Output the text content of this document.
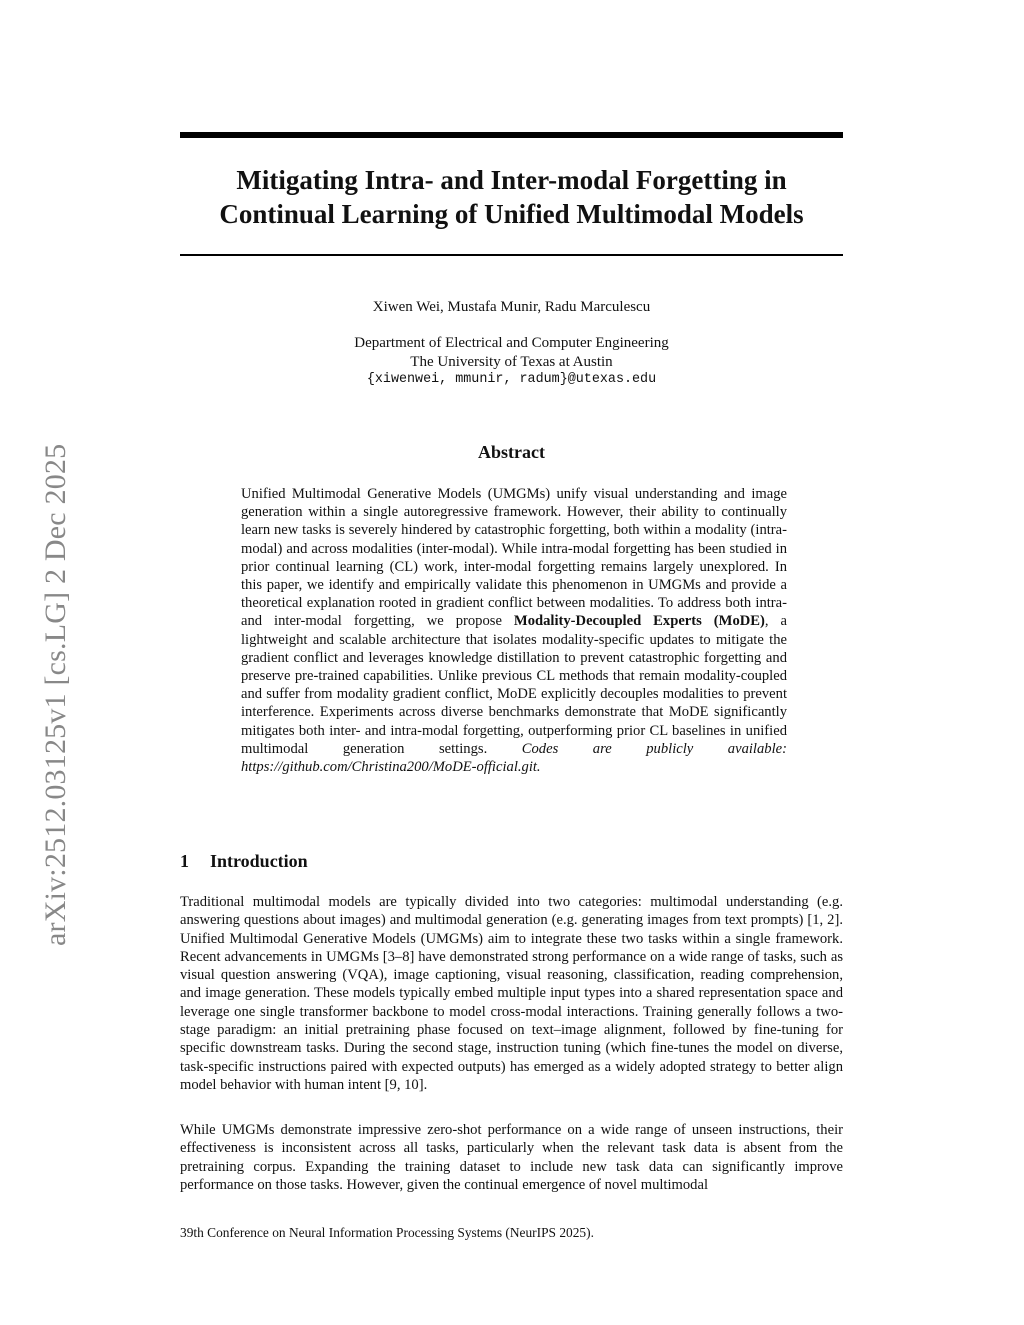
arXiv:2512.03125v1 [cs.LG] 2 Dec 2025
Mitigating Intra- and Inter-modal Forgetting in
Continual Learning of Unified Multimodal Models
Xiwen Wei, Mustafa Munir, Radu Marculescu
Department of Electrical and Computer Engineering
The University of Texas at Austin
{xiwenwei, mmunir, radum}@utexas.edu
Abstract
Unified Multimodal Generative Models (UMGMs) unify visual understanding and image generation within a single autoregressive framework. However, their ability to continually learn new tasks is severely hindered by catastrophic forgetting, both within a modality (intra-modal) and across modalities (inter-modal). While intra-modal forgetting has been studied in prior continual learning (CL) work, inter-modal forgetting remains largely unexplored. In this paper, we identify and empirically validate this phenomenon in UMGMs and provide a theoretical explanation rooted in gradient conflict between modalities. To address both intra- and inter-modal forgetting, we propose Modality-Decoupled Experts (MoDE), a lightweight and scalable architecture that isolates modality-specific updates to mitigate the gradient conflict and leverages knowledge distillation to prevent catastrophic forgetting and preserve pre-trained capabilities. Unlike previous CL methods that remain modality-coupled and suffer from modality gradient conflict, MoDE explicitly decouples modalities to prevent interference. Experiments across diverse benchmarks demonstrate that MoDE significantly mitigates both inter- and intra-modal forgetting, outperforming prior CL baselines in unified multimodal generation settings. Codes are publicly available: https://github.com/Christina200/MoDE-official.git.
1 Introduction
Traditional multimodal models are typically divided into two categories: multimodal understanding (e.g. answering questions about images) and multimodal generation (e.g. generating images from text prompts) [1, 2]. Unified Multimodal Generative Models (UMGMs) aim to integrate these two tasks within a single framework. Recent advancements in UMGMs [3–8] have demonstrated strong performance on a wide range of tasks, such as visual question answering (VQA), image captioning, visual reasoning, classification, reading comprehension, and image generation. These models typically embed multiple input types into a shared representation space and leverage one single transformer backbone to model cross-modal interactions. Training generally follows a two-stage paradigm: an initial pretraining phase focused on text–image alignment, followed by fine-tuning for specific downstream tasks. During the second stage, instruction tuning (which fine-tunes the model on diverse, task-specific instructions paired with expected outputs) has emerged as a widely adopted strategy to better align model behavior with human intent [9, 10].
While UMGMs demonstrate impressive zero-shot performance on a wide range of unseen instructions, their effectiveness is inconsistent across all tasks, particularly when the relevant task data is absent from the pretraining corpus. Expanding the training dataset to include new task data can significantly improve performance on those tasks. However, given the continual emergence of novel multimodal
39th Conference on Neural Information Processing Systems (NeurIPS 2025).
